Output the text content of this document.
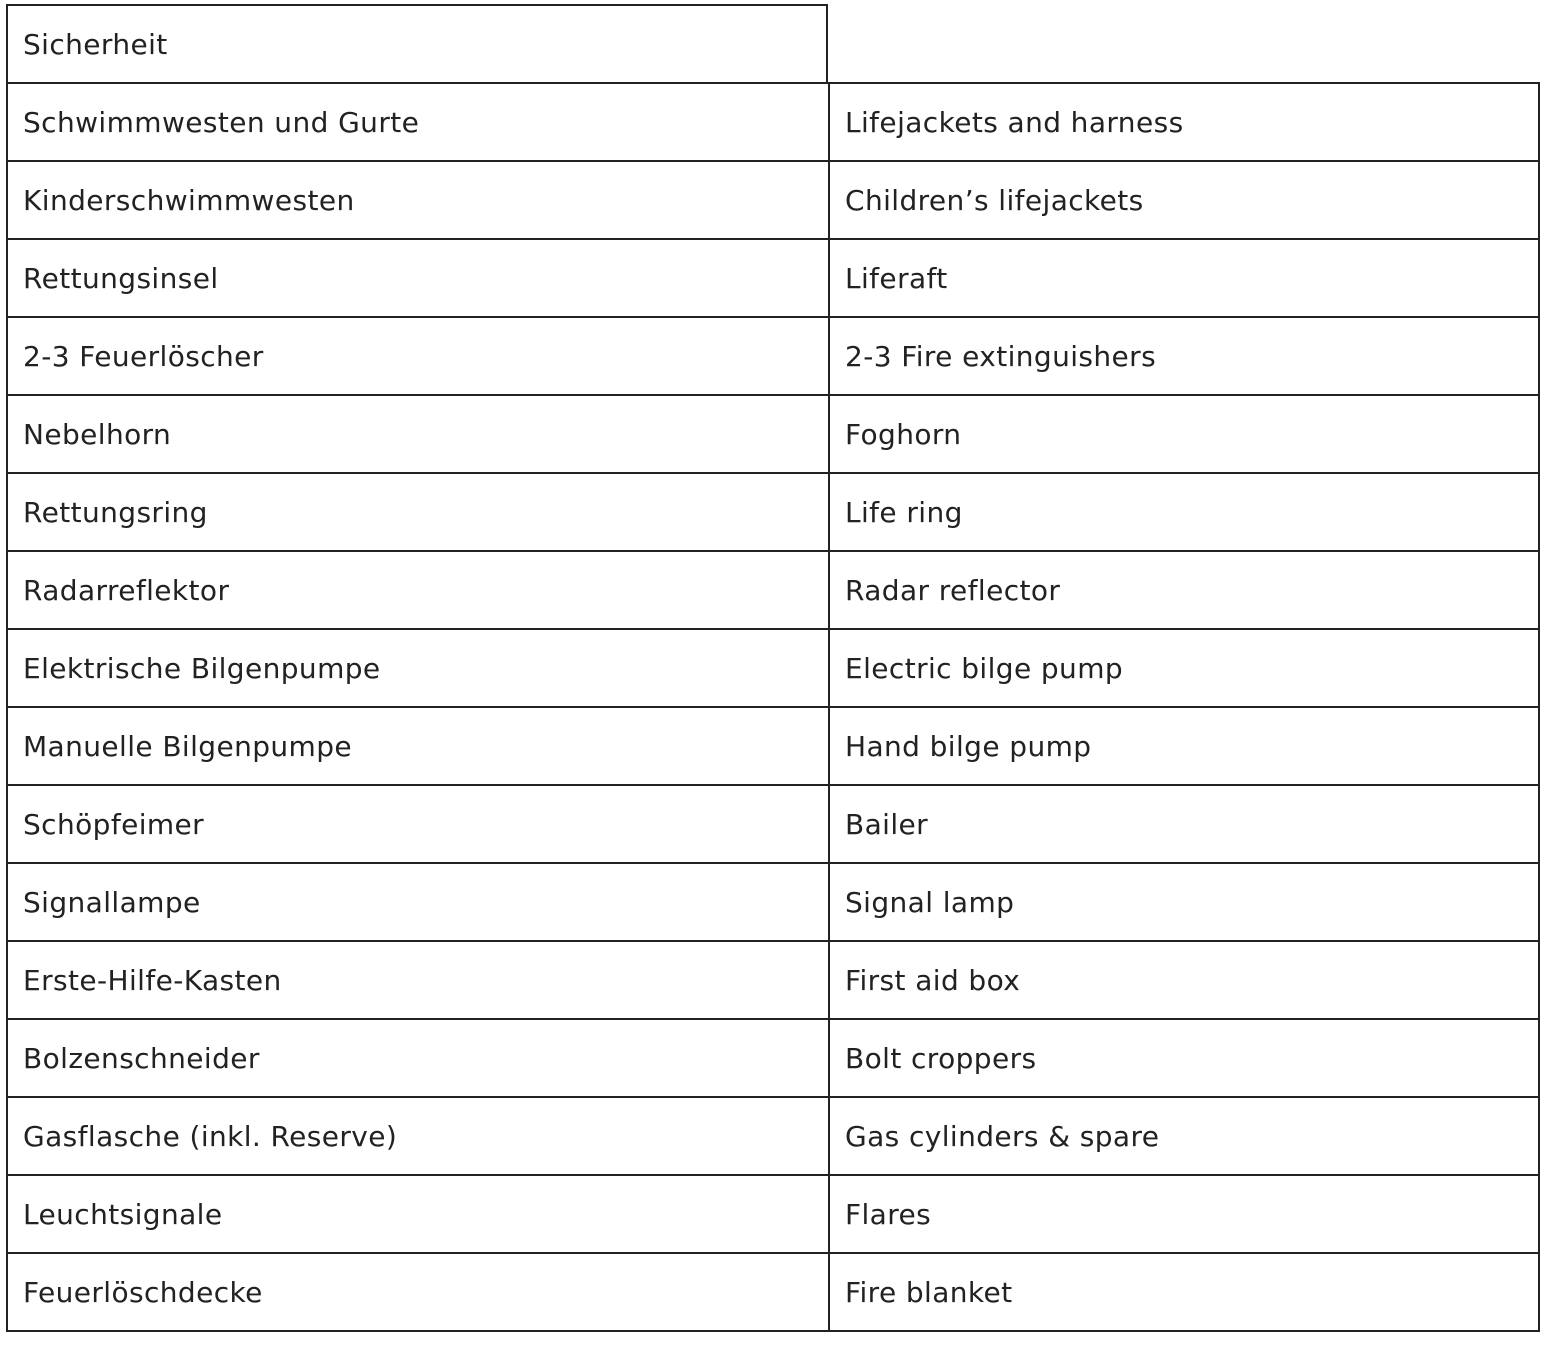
Sicherheit
Schwimmwesten und Gurte	Lifejackets and harness
Kinderschwimmwesten	Children’s lifejackets
Rettungsinsel	Liferaft
2-3 Feuerlöscher	2-3 Fire extinguishers
Nebelhorn	Foghorn
Rettungsring	Life ring
Radarreflektor	Radar reflector
Elektrische Bilgenpumpe	Electric bilge pump
Manuelle Bilgenpumpe	Hand bilge pump
Schöpfeimer	Bailer
Signallampe	Signal lamp
Erste-Hilfe-Kasten	First aid box
Bolzenschneider	Bolt croppers
Gasflasche (inkl. Reserve)	Gas cylinders & spare
Leuchtsignale	Flares
Feuerlöschdecke	Fire blanket
